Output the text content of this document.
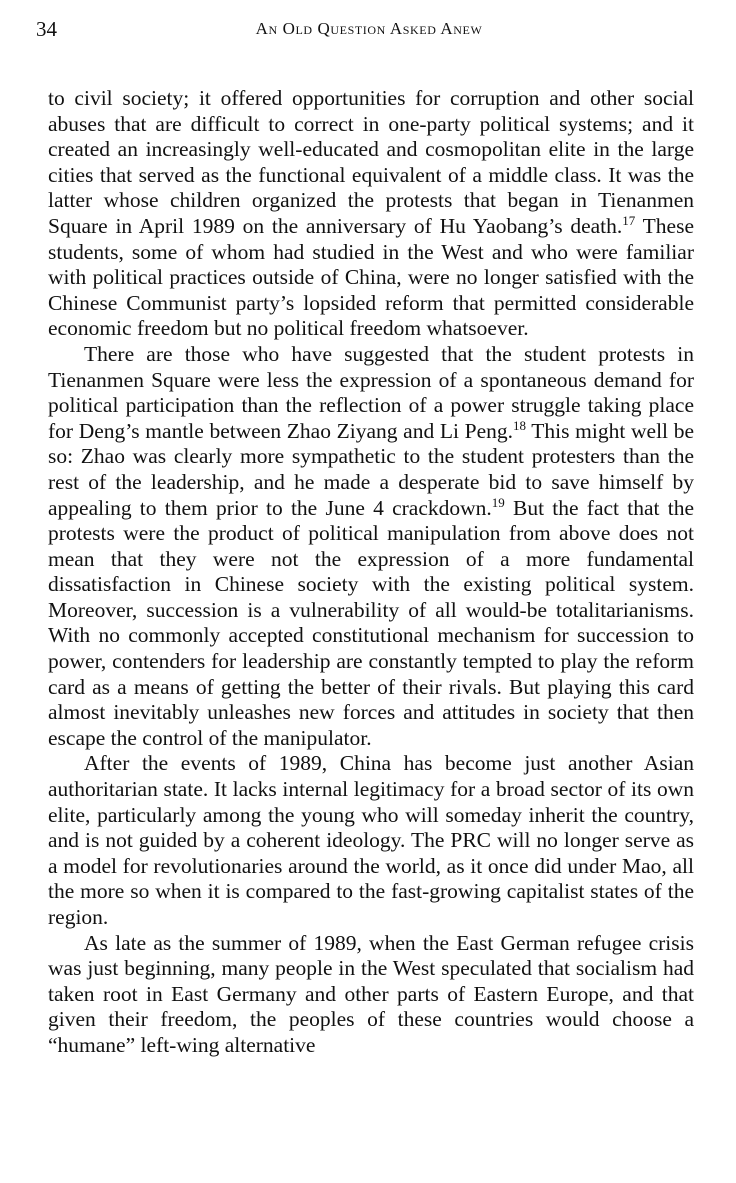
34	An Old Question Asked Anew

to civil society; it offered opportunities for corruption and other social abuses that are difficult to correct in one-party political systems; and it created an increasingly well-educated and cosmopolitan elite in the large cities that served as the functional equivalent of a middle class. It was the latter whose children organized the protests that began in Tienanmen Square in April 1989 on the anniversary of Hu Yaobang’s death.$^{17}$ These students, some of whom had studied in the West and who were familiar with political practices outside of China, were no longer satisfied with the Chinese Communist party’s lopsided reform that permitted considerable economic freedom but no political freedom whatsoever.

There are those who have suggested that the student protests in Tienanmen Square were less the expression of a spontaneous demand for political participation than the reflection of a power struggle taking place for Deng’s mantle between Zhao Ziyang and Li Peng.$^{18}$ This might well be so: Zhao was clearly more sympathetic to the student protesters than the rest of the leadership, and he made a desperate bid to save himself by appealing to them prior to the June 4 crackdown.$^{19}$ But the fact that the protests were the product of political manipulation from above does not mean that they were not the expression of a more fundamental dissatisfaction in Chinese society with the existing political system. Moreover, succession is a vulnerability of all would-be totalitarianisms. With no commonly accepted constitutional mechanism for succession to power, contenders for leadership are constantly tempted to play the reform card as a means of getting the better of their rivals. But playing this card almost inevitably unleashes new forces and attitudes in society that then escape the control of the manipulator.

After the events of 1989, China has become just another Asian authoritarian state. It lacks internal legitimacy for a broad sector of its own elite, particularly among the young who will someday inherit the country, and is not guided by a coherent ideology. The PRC will no longer serve as a model for revolutionaries around the world, as it once did under Mao, all the more so when it is compared to the fast-growing capitalist states of the region.

As late as the summer of 1989, when the East German refugee crisis was just beginning, many people in the West speculated that socialism had taken root in East Germany and other parts of Eastern Europe, and that given their freedom, the peoples of these countries would choose a “humane” left-wing alternative
